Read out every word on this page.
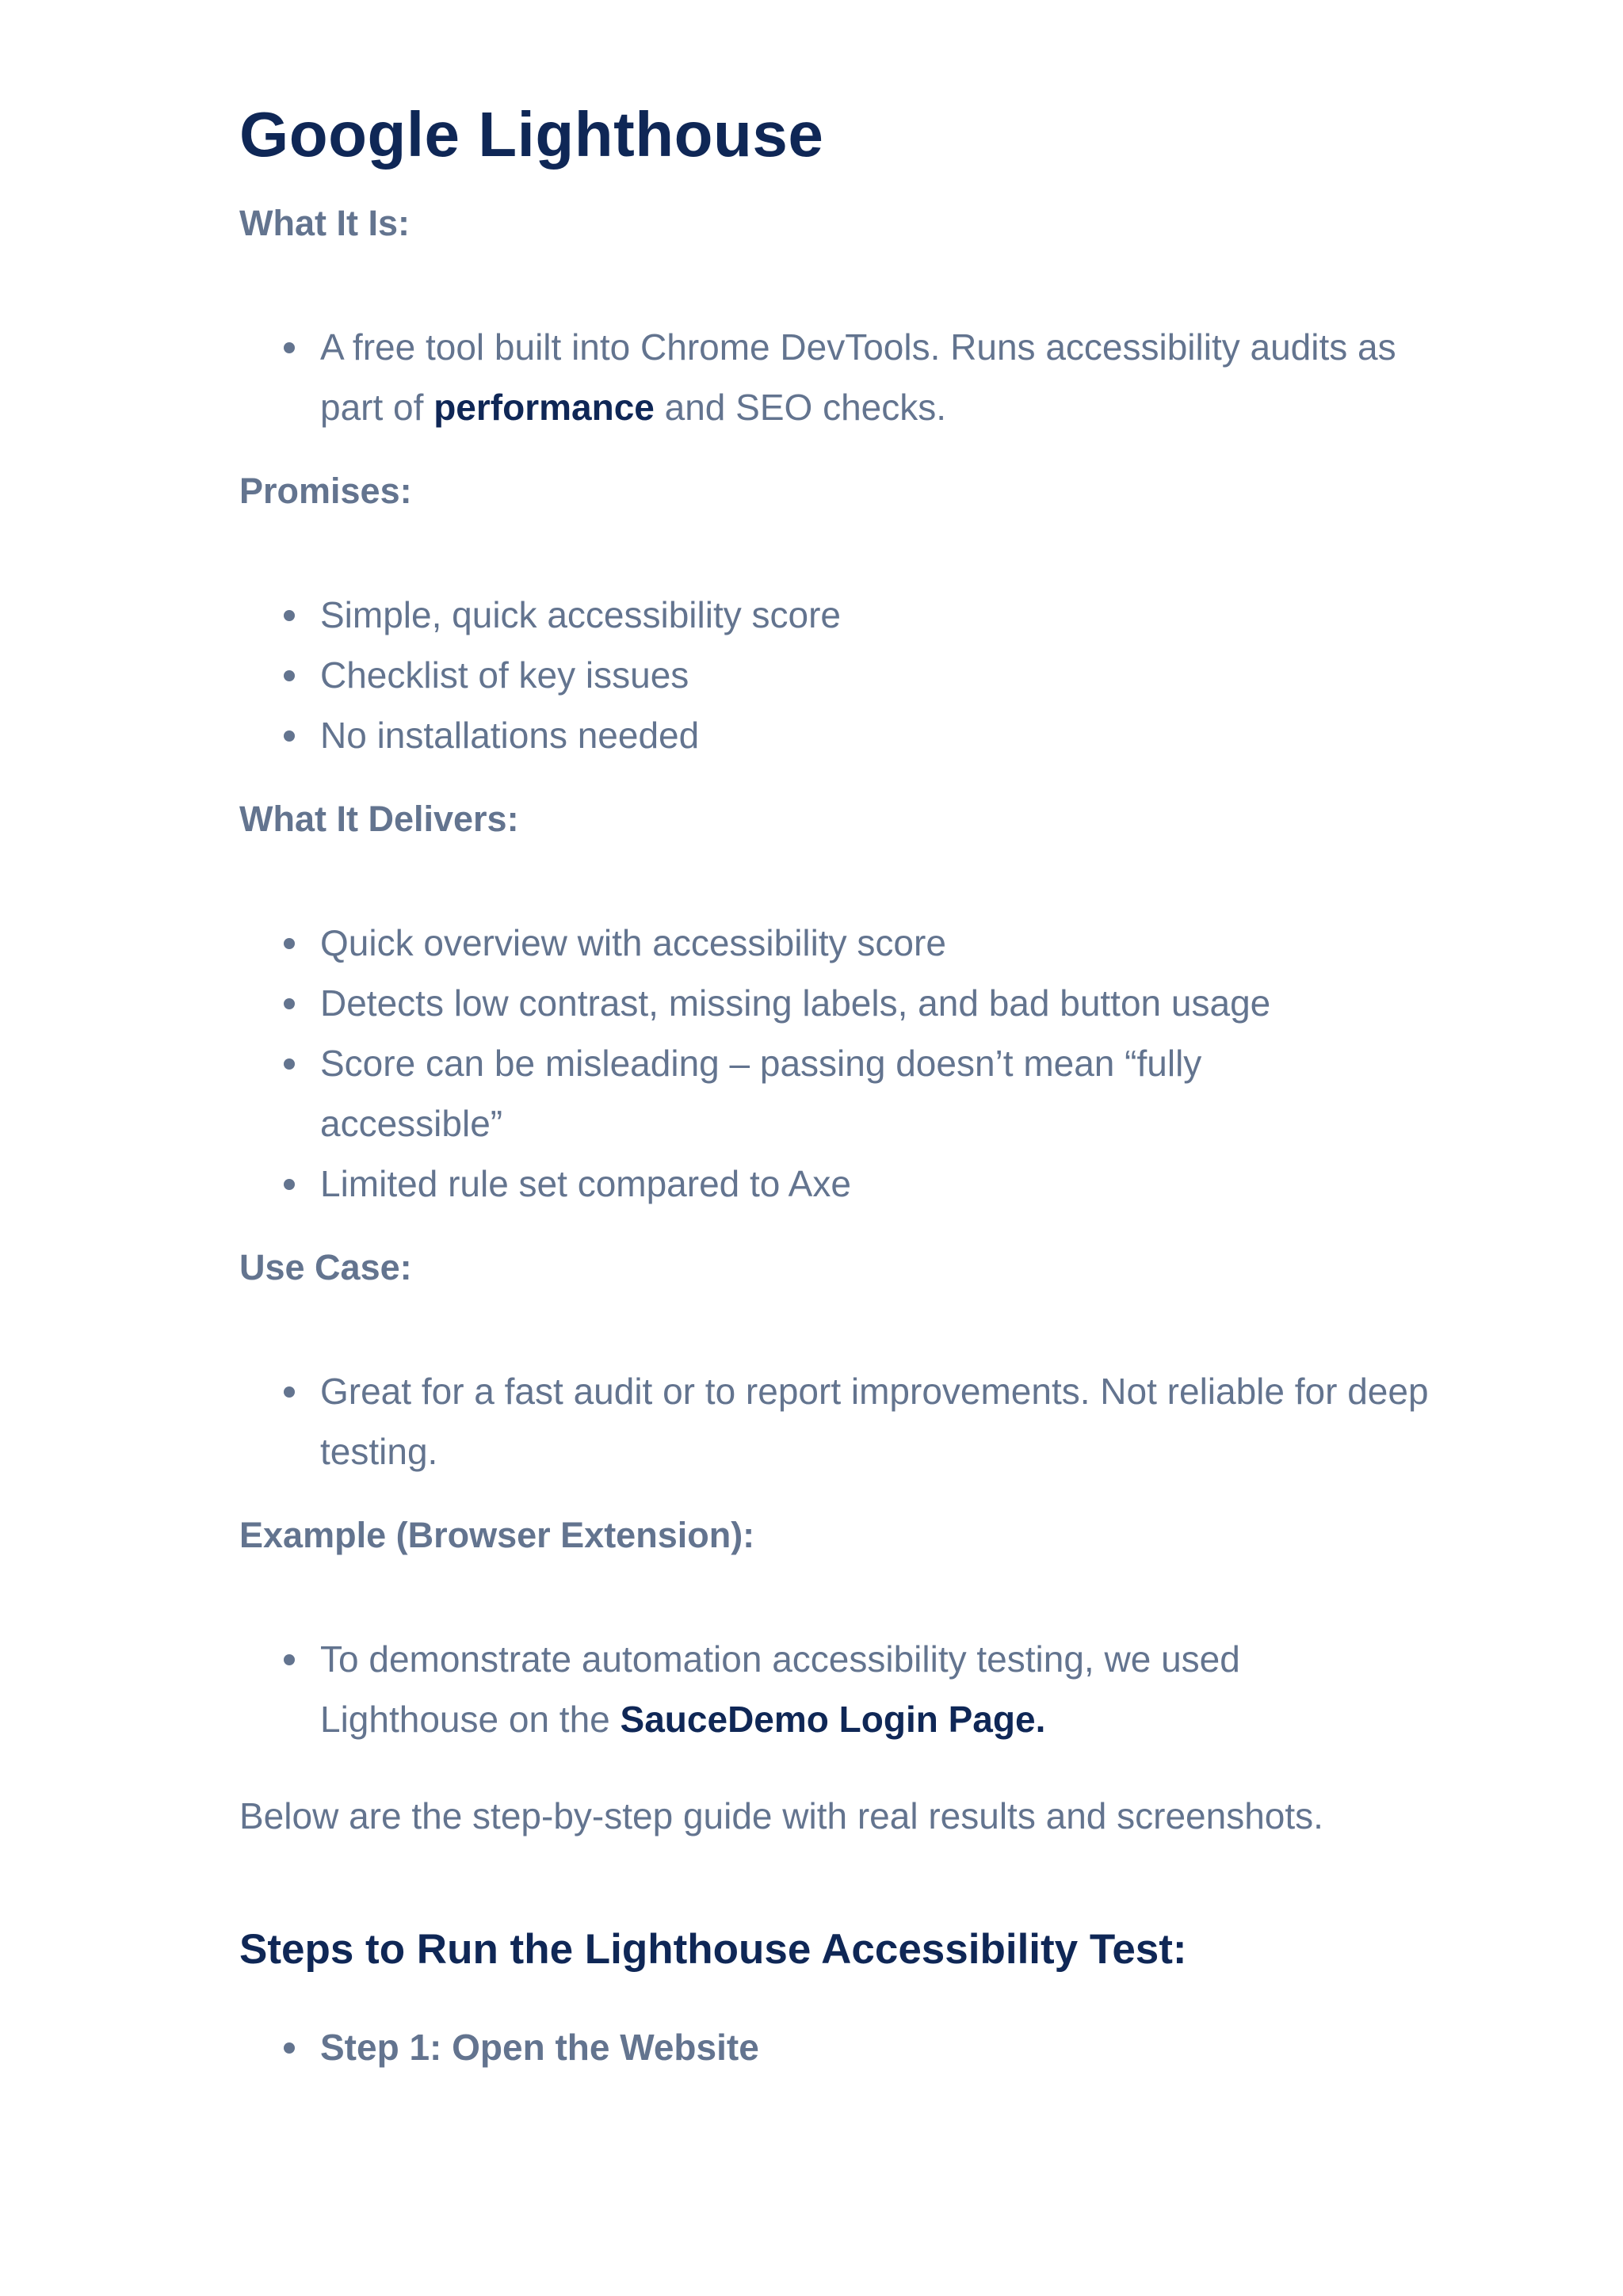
Google Lighthouse
What It Is:
A free tool built into Chrome DevTools. Runs accessibility audits as part of performance and SEO checks.
Promises:
Simple, quick accessibility score
Checklist of key issues
No installations needed
What It Delivers:
Quick overview with accessibility score
Detects low contrast, missing labels, and bad button usage
Score can be misleading – passing doesn’t mean “fully accessible”
Limited rule set compared to Axe
Use Case:
Great for a fast audit or to report improvements. Not reliable for deep testing.
Example (Browser Extension):
To demonstrate automation accessibility testing, we used Lighthouse on the SauceDemo Login Page.
Below are the step-by-step guide with real results and screenshots.
Steps to Run the Lighthouse Accessibility Test:
Step 1: Open the Website
